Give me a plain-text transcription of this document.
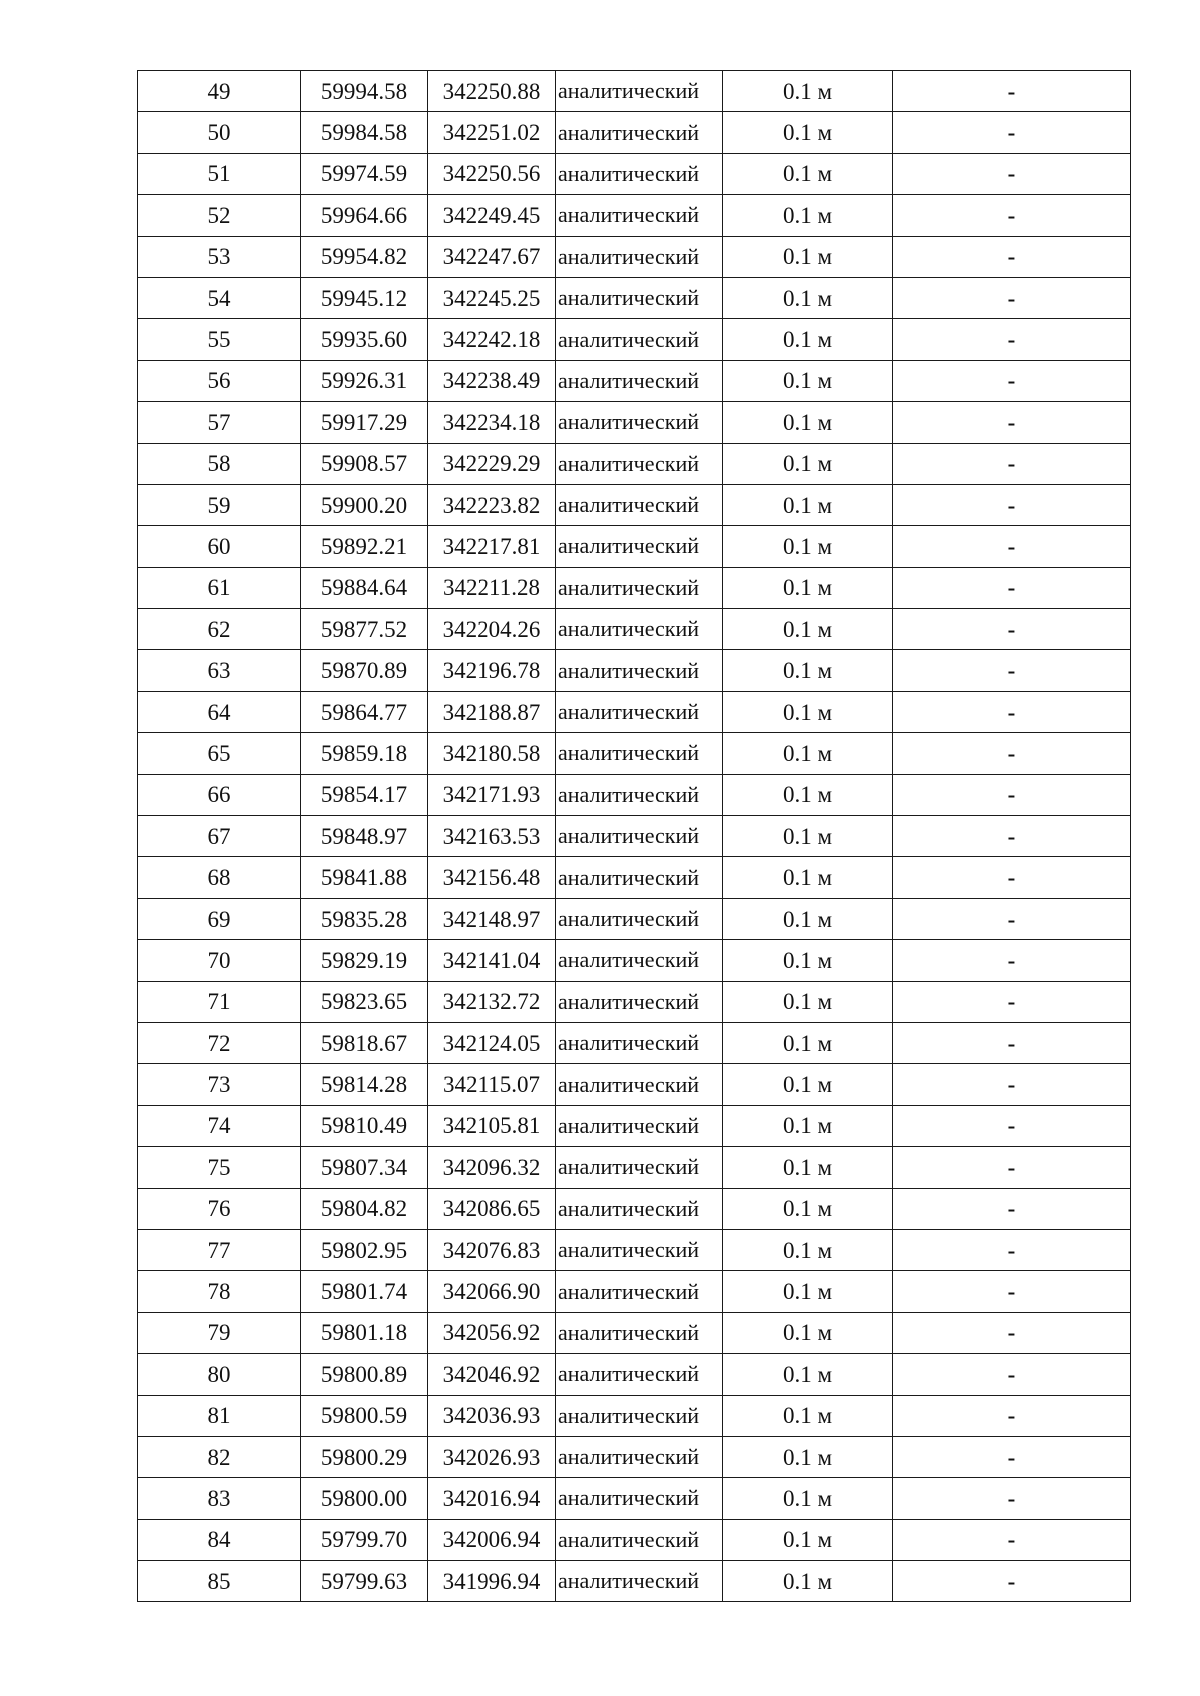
49	59994.58	342250.88	аналитический	0.1 м	-
50	59984.58	342251.02	аналитический	0.1 м	-
51	59974.59	342250.56	аналитический	0.1 м	-
52	59964.66	342249.45	аналитический	0.1 м	-
53	59954.82	342247.67	аналитический	0.1 м	-
54	59945.12	342245.25	аналитический	0.1 м	-
55	59935.60	342242.18	аналитический	0.1 м	-
56	59926.31	342238.49	аналитический	0.1 м	-
57	59917.29	342234.18	аналитический	0.1 м	-
58	59908.57	342229.29	аналитический	0.1 м	-
59	59900.20	342223.82	аналитический	0.1 м	-
60	59892.21	342217.81	аналитический	0.1 м	-
61	59884.64	342211.28	аналитический	0.1 м	-
62	59877.52	342204.26	аналитический	0.1 м	-
63	59870.89	342196.78	аналитический	0.1 м	-
64	59864.77	342188.87	аналитический	0.1 м	-
65	59859.18	342180.58	аналитический	0.1 м	-
66	59854.17	342171.93	аналитический	0.1 м	-
67	59848.97	342163.53	аналитический	0.1 м	-
68	59841.88	342156.48	аналитический	0.1 м	-
69	59835.28	342148.97	аналитический	0.1 м	-
70	59829.19	342141.04	аналитический	0.1 м	-
71	59823.65	342132.72	аналитический	0.1 м	-
72	59818.67	342124.05	аналитический	0.1 м	-
73	59814.28	342115.07	аналитический	0.1 м	-
74	59810.49	342105.81	аналитический	0.1 м	-
75	59807.34	342096.32	аналитический	0.1 м	-
76	59804.82	342086.65	аналитический	0.1 м	-
77	59802.95	342076.83	аналитический	0.1 м	-
78	59801.74	342066.90	аналитический	0.1 м	-
79	59801.18	342056.92	аналитический	0.1 м	-
80	59800.89	342046.92	аналитический	0.1 м	-
81	59800.59	342036.93	аналитический	0.1 м	-
82	59800.29	342026.93	аналитический	0.1 м	-
83	59800.00	342016.94	аналитический	0.1 м	-
84	59799.70	342006.94	аналитический	0.1 м	-
85	59799.63	341996.94	аналитический	0.1 м	-
